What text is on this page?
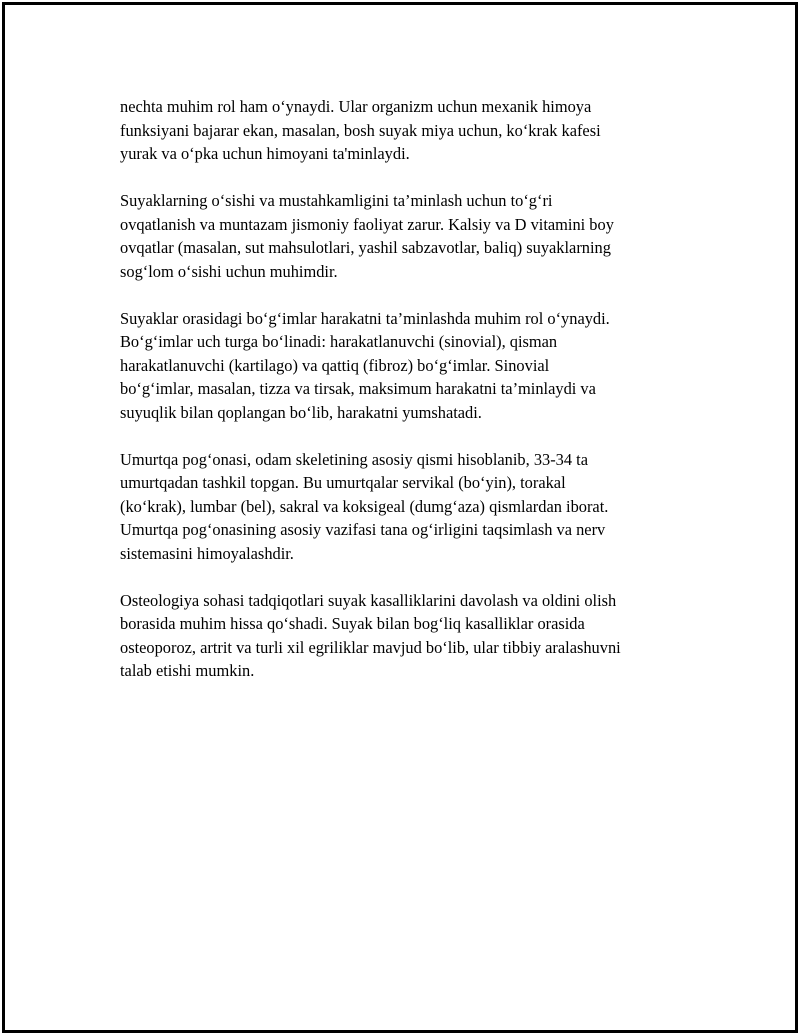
nechta muhim rol ham o‘ynaydi. Ular organizm uchun mexanik himoya
funksiyani bajarar ekan, masalan, bosh suyak miya uchun, ko‘krak kafesi
yurak va o‘pka uchun himoyani ta'minlaydi.

Suyaklarning o‘sishi va mustahkamligini ta’minlash uchun to‘g‘ri
ovqatlanish va muntazam jismoniy faoliyat zarur. Kalsiy va D vitamini boy
ovqatlar (masalan, sut mahsulotlari, yashil sabzavotlar, baliq) suyaklarning
sog‘lom o‘sishi uchun muhimdir.

Suyaklar orasidagi bo‘g‘imlar harakatni ta’minlashda muhim rol o‘ynaydi.
Bo‘g‘imlar uch turga bo‘linadi: harakatlanuvchi (sinovial), qisman
harakatlanuvchi (kartilago) va qattiq (fibroz) bo‘g‘imlar. Sinovial
bo‘g‘imlar, masalan, tizza va tirsak, maksimum harakatni ta’minlaydi va
suyuqlik bilan qoplangan bo‘lib, harakatni yumshatadi.

Umurtqa pog‘onasi, odam skeletining asosiy qismi hisoblanib, 33-34 ta
umurtqadan tashkil topgan. Bu umurtqalar servikal (bo‘yin), torakal
(ko‘krak), lumbar (bel), sakral va koksigeal (dumg‘aza) qismlardan iborat.
Umurtqa pog‘onasining asosiy vazifasi tana og‘irligini taqsimlash va nerv
sistemasini himoyalashdir.

Osteologiya sohasi tadqiqotlari suyak kasalliklarini davolash va oldini olish
borasida muhim hissa qo‘shadi. Suyak bilan bog‘liq kasalliklar orasida
osteoporoz, artrit va turli xil egriliklar mavjud bo‘lib, ular tibbiy aralashuvni
talab etishi mumkin.
